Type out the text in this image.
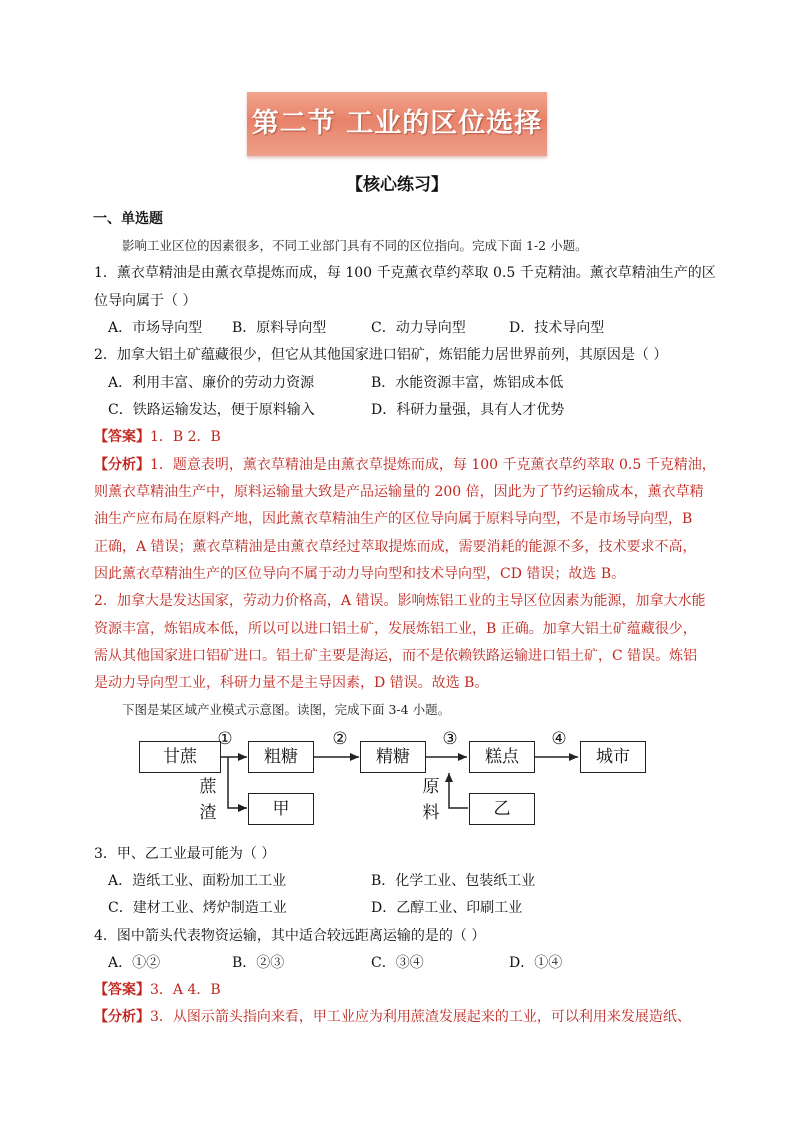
第二节 工业的区位选择
【核心练习】
一、单选题
影响工业区位的因素很多，不同工业部门具有不同的区位指向。完成下面 1-2 小题。
1．薰衣草精油是由薰衣草提炼而成，每 100 千克薰衣草约萃取 0.5 千克精油。薰衣草精油生产的区
位导向属于（ ）
A．市场导向型 B．原料导向型	C．动力导向型	D．技术导向型
2．加拿大铝土矿蕴藏很少，但它从其他国家进口铝矿，炼铝能力居世界前列，其原因是（ ）
A．利用丰富、廉价的劳动力资源	B．水能资源丰富，炼铝成本低
C．铁路运输发达，便于原料输入	D．科研力量强，具有人才优势
【答案】1．B 2．B
【分析】1．题意表明，薰衣草精油是由薰衣草提炼而成，每 100 千克薰衣草约萃取 0.5 千克精油，
则薰衣草精油生产中，原料运输量大致是产品运输量的 200 倍，因此为了节约运输成本，薰衣草精
油生产应布局在原料产地，因此薰衣草精油生产的区位导向属于原料导向型，不是市场导向型，B
正确，A 错误；薰衣草精油是由薰衣草经过萃取提炼而成，需要消耗的能源不多，技术要求不高，
因此薰衣草精油生产的区位导向不属于动力导向型和技术导向型，CD 错误；故选 B。
2．加拿大是发达国家，劳动力价格高，A 错误。影响炼铝工业的主导区位因素为能源，加拿大水能
资源丰富，炼铝成本低，所以可以进口铝土矿，发展炼铝工业，B 正确。加拿大铝土矿蕴藏很少，
需从其他国家进口铝矿进口。铝土矿主要是海运，而不是依赖铁路运输进口铝土矿，C 错误。炼铝
是动力导向型工业，科研力量不是主导因素，D 错误。故选 B。
下图是某区域产业模式示意图。读图，完成下面 3-4 小题。
甘蔗	粗糖	精糖	糕点	城市
甲	乙
①	②	③	④
蔗
渣
原
料
3．甲、乙工业最可能为（ ）
A．造纸工业、面粉加工工业	B．化学工业、包装纸工业
C．建材工业、烤炉制造工业	D．乙醇工业、印刷工业
4．图中箭头代表物资运输，其中适合较远距离运输的是的（ ）
A．①②	B．②③	C．③④	D．①④
【答案】3．A 4．B
【分析】3．从图示箭头指向来看，甲工业应为利用蔗渣发展起来的工业，可以利用来发展造纸、
